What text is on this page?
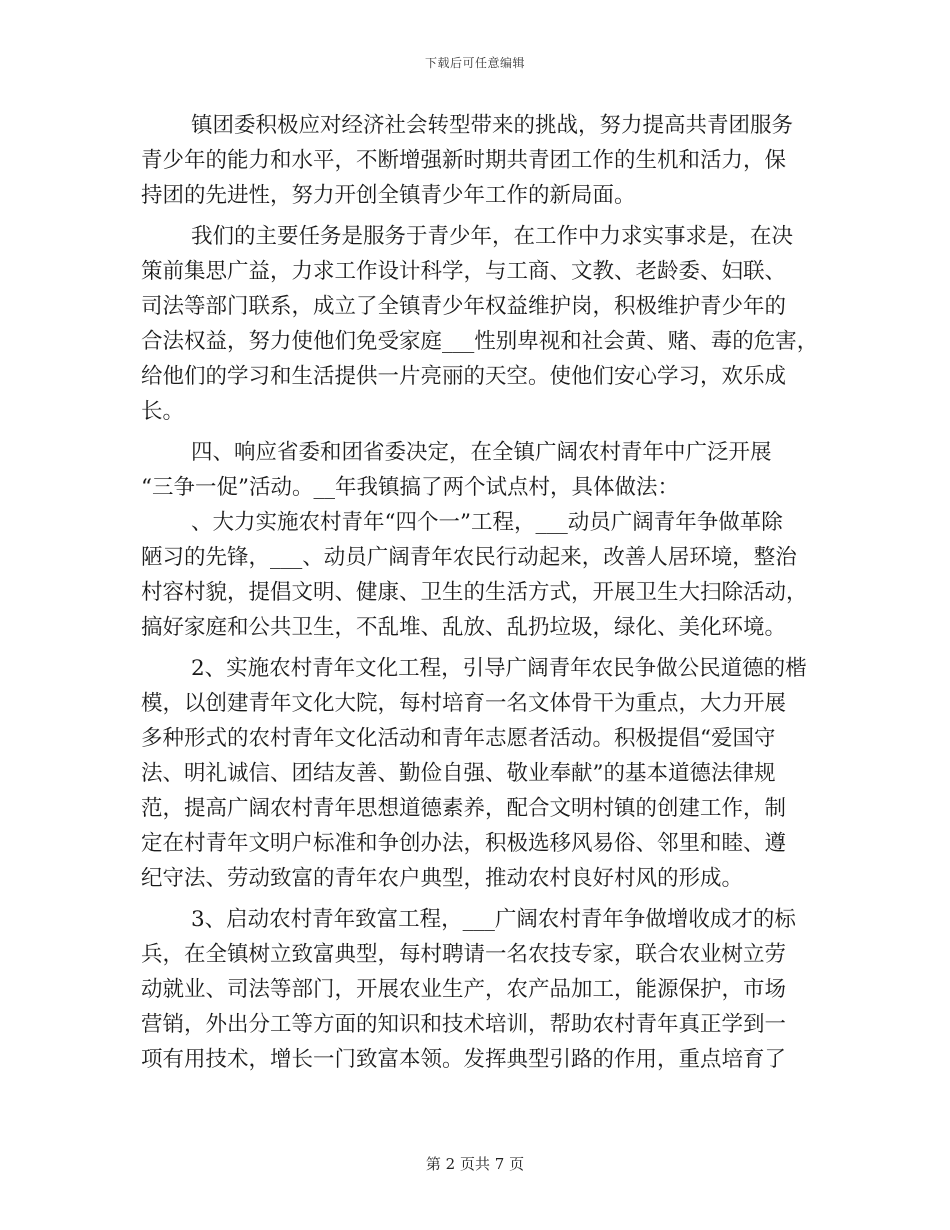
下载后可任意编辑
镇团委积极应对经济社会转型带来的挑战，努力提高共青团服务
青少年的能力和水平，不断增强新时期共青团工作的生机和活力，保
持团的先进性，努力开创全镇青少年工作的新局面。
我们的主要任务是服务于青少年，在工作中力求实事求是，在决
策前集思广益，力求工作设计科学，与工商、文教、老龄委、妇联、
司法等部门联系，成立了全镇青少年权益维护岗，积极维护青少年的
合法权益，努力使他们免受家庭___性别卑视和社会黄、赌、毒的危害，
给他们的学习和生活提供一片亮丽的天空。使他们安心学习，欢乐成
长。
四、响应省委和团省委决定，在全镇广阔农村青年中广泛开展
“三争一促”活动。__年我镇搞了两个试点村，具体做法：
、大力实施农村青年“四个一”工程，___动员广阔青年争做革除
陋习的先锋，___、动员广阔青年农民行动起来，改善人居环境，整治
村容村貌，提倡文明、健康、卫生的生活方式，开展卫生大扫除活动，
搞好家庭和公共卫生，不乱堆、乱放、乱扔垃圾，绿化、美化环境。
2、实施农村青年文化工程，引导广阔青年农民争做公民道德的楷
模，以创建青年文化大院，每村培育一名文体骨干为重点，大力开展
多种形式的农村青年文化活动和青年志愿者活动。积极提倡“爱国守
法、明礼诚信、团结友善、勤俭自强、敬业奉献”的基本道德法律规
范，提高广阔农村青年思想道德素养，配合文明村镇的创建工作，制
定在村青年文明户标准和争创办法，积极选移风易俗、邻里和睦、遵
纪守法、劳动致富的青年农户典型，推动农村良好村风的形成。
3、启动农村青年致富工程，___广阔农村青年争做增收成才的标
兵，在全镇树立致富典型，每村聘请一名农技专家，联合农业树立劳
动就业、司法等部门，开展农业生产，农产品加工，能源保护，市场
营销，外出分工等方面的知识和技术培训，帮助农村青年真正学到一
项有用技术，增长一门致富本领。发挥典型引路的作用，重点培育了
第 2 页共 7 页
